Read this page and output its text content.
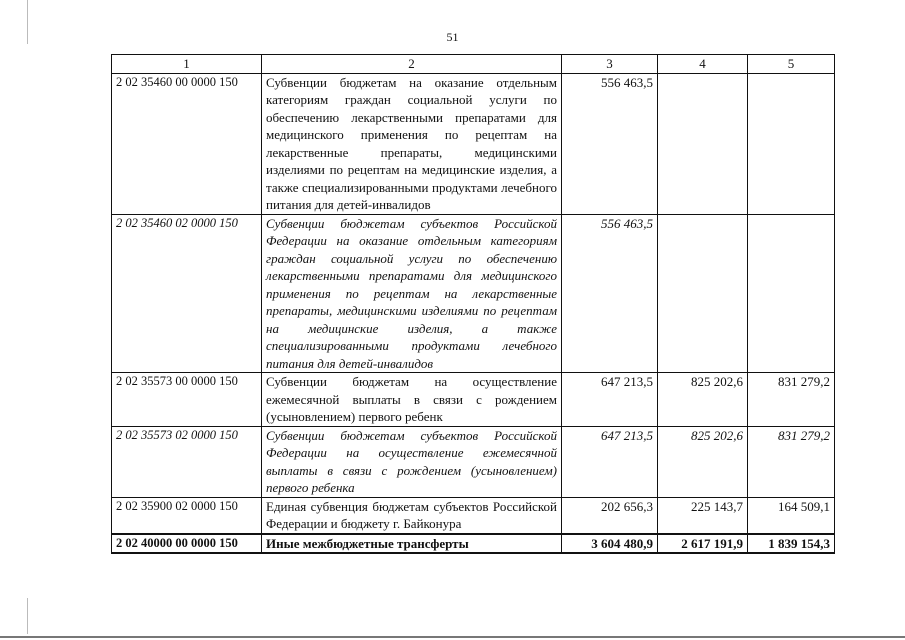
51
1	2	3	4	5
2 02 35460 00 0000 150	Субвенции бюджетам на оказание отдельным категориям граждан социальной услуги по обеспечению лекарственными препаратами для медицинского применения по рецептам на лекарственные препараты, медицинскими изделиями по рецептам на медицинские изделия, а также специализированными продуктами лечебного питания для детей-инвалидов	556 463,5		
2 02 35460 02 0000 150	Субвенции бюджетам субъектов Российской Федерации на оказание отдельным категориям граждан социальной услуги по обеспечению лекарственными препаратами для медицинского применения по рецептам на лекарственные препараты, медицинскими изделиями по рецептам на медицинские изделия, а также специализированными продуктами лечебного питания для детей-инвалидов	556 463,5		
2 02 35573 00 0000 150	Субвенции бюджетам на осуществление ежемесячной выплаты в связи с рождением (усыновлением) первого ребенк	647 213,5	825 202,6	831 279,2
2 02 35573 02 0000 150	Субвенции бюджетам субъектов Российской Федерации на осуществление ежемесячной выплаты в связи с рождением (усыновлением) первого ребенка	647 213,5	825 202,6	831 279,2
2 02 35900 02 0000 150	Единая субвенция бюджетам субъектов Российской Федерации и бюджету г. Байконура	202 656,3	225 143,7	164 509,1
2 02 40000 00 0000 150	Иные межбюджетные трансферты	3 604 480,9	2 617 191,9	1 839 154,3
